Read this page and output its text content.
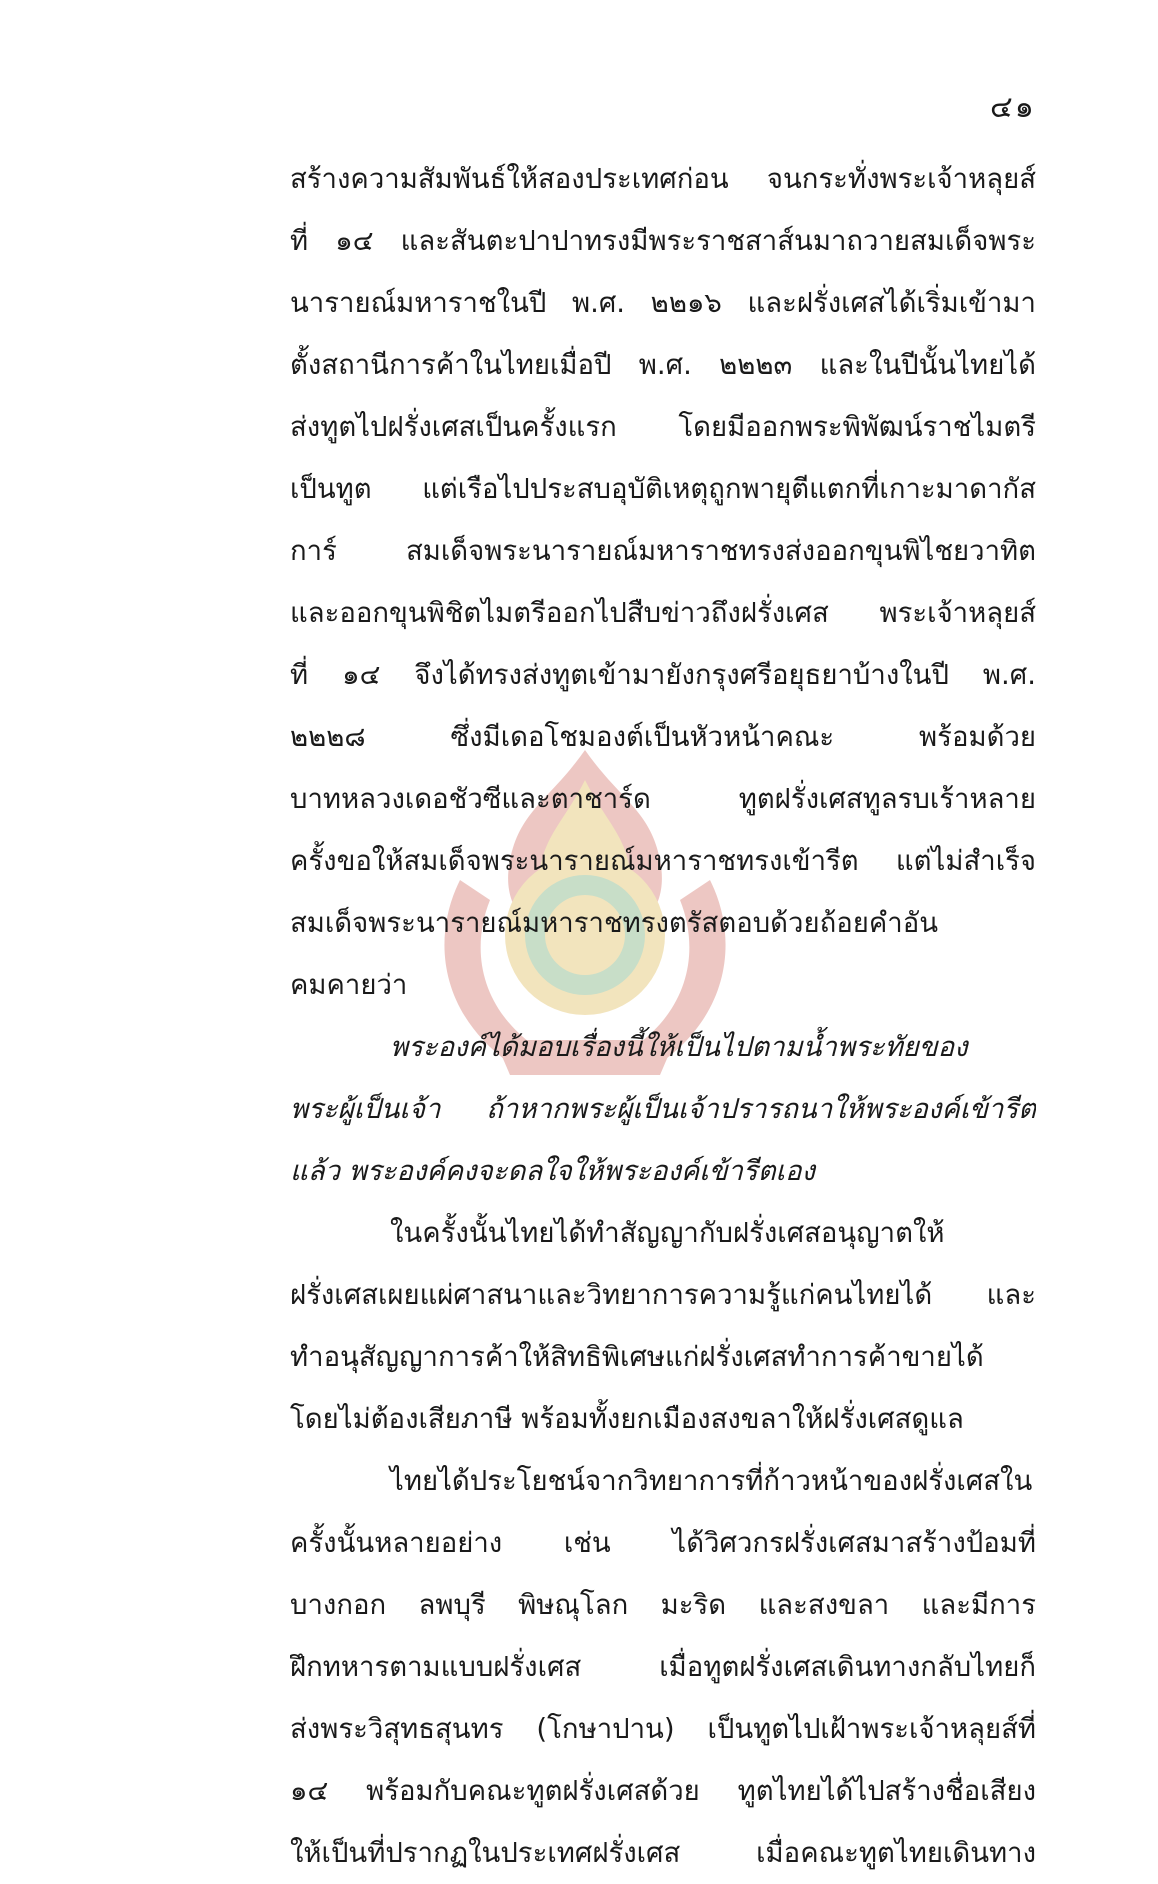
๔๑
สร้างความสัมพันธ์ให้สองประเทศก่อน จนกระทั่งพระเจ้าหลุยส์
ที่ ๑๔ และสันตะปาปาทรงมีพระราชสาส์นมาถวายสมเด็จพระ
นารายณ์มหาราชในปี พ.ศ. ๒๒๑๖ และฝรั่งเศสได้เริ่มเข้ามา
ตั้งสถานีการค้าในไทยเมื่อปี พ.ศ. ๒๒๒๓ และในปีนั้นไทยได้
ส่งทูตไปฝรั่งเศสเป็นครั้งแรก โดยมีออกพระพิพัฒน์ราชไมตรี
เป็นทูต แต่เรือไปประสบอุบัติเหตุถูกพายุตีแตกที่เกาะมาดากัส
การ์ สมเด็จพระนารายณ์มหาราชทรงส่งออกขุนพิไชยวาทิต
และออกขุนพิชิตไมตรีออกไปสืบข่าวถึงฝรั่งเศส พระเจ้าหลุยส์
ที่ ๑๔ จึงได้ทรงส่งทูตเข้ามายังกรุงศรีอยุธยาบ้างในปี พ.ศ.
๒๒๒๘ ซึ่งมีเดอโชมองต์เป็นหัวหน้าคณะ พร้อมด้วย
บาทหลวงเดอชัวซีและตาชาร์ด ทูตฝรั่งเศสทูลรบเร้าหลาย
ครั้งขอให้สมเด็จพระนารายณ์มหาราชทรงเข้ารีต แต่ไม่สำเร็จ
สมเด็จพระนารายณ์มหาราชทรงตรัสตอบด้วยถ้อยคำอัน
คมคายว่า
พระองค์ได้มอบเรื่องนี้ให้เป็นไปตามน้ำพระทัยของ
พระผู้เป็นเจ้า ถ้าหากพระผู้เป็นเจ้าปรารถนาให้พระองค์เข้ารีต
แล้ว พระองค์คงจะดลใจให้พระองค์เข้ารีตเอง
ในครั้งนั้นไทยได้ทำสัญญากับฝรั่งเศสอนุญาตให้
ฝรั่งเศสเผยแผ่ศาสนาและวิทยาการความรู้แก่คนไทยได้ และ
ทำอนุสัญญาการค้าให้สิทธิพิเศษแก่ฝรั่งเศสทำการค้าขายได้
โดยไม่ต้องเสียภาษี พร้อมทั้งยกเมืองสงขลาให้ฝรั่งเศสดูแล
ไทยได้ประโยชน์จากวิทยาการที่ก้าวหน้าของฝรั่งเศสใน
ครั้งนั้นหลายอย่าง เช่น ได้วิศวกรฝรั่งเศสมาสร้างป้อมที่
บางกอก ลพบุรี พิษณุโลก มะริด และสงขลา และมีการ
ฝึกทหารตามแบบฝรั่งเศส เมื่อทูตฝรั่งเศสเดินทางกลับไทยก็
ส่งพระวิสุทธสุนทร (โกษาปาน) เป็นทูตไปเฝ้าพระเจ้าหลุยส์ที่
๑๔ พร้อมกับคณะทูตฝรั่งเศสด้วย ทูตไทยได้ไปสร้างชื่อเสียง
ให้เป็นที่ปรากฏในประเทศฝรั่งเศส เมื่อคณะทูตไทยเดินทาง
